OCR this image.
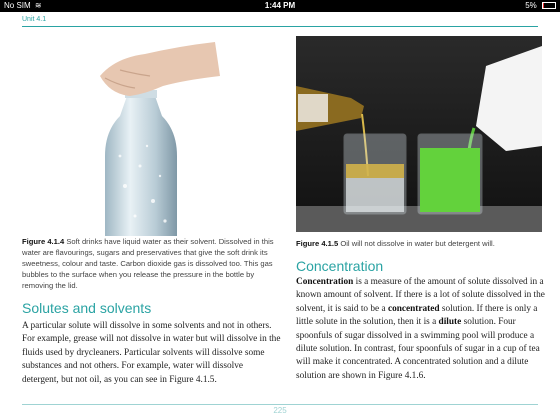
No SIM ≋	1:44 PM	5%
Unit 4.1
Figure 4.1.4 Soft drinks have liquid water as their solvent. Dissolved in this water are flavourings, sugars and preservatives that give the soft drink its sweetness, colour and taste. Carbon dioxide gas is dissolved too. This gas bubbles to the surface when you release the pressure in the bottle by removing the lid.
Figure 4.1.5 Oil will not dissolve in water but detergent will.
Solutes and solvents

A particular solute will dissolve in some solvents and not in others. For example, grease will not dissolve in water but will dissolve in the fluids used by drycleaners. Particular solvents will dissolve some substances and not others. For example, water will dissolve detergent, but not oil, as you can see in Figure 4.1.5.

Concentration

Concentration is a measure of the amount of solute dissolved in a known amount of solvent. If there is a lot of solute dissolved in the solvent, it is said to be a concentrated solution. If there is only a little solute in the solution, then it is a dilute solution. Four spoonfuls of sugar dissolved in a swimming pool will produce a dilute solution. In contrast, four spoonfuls of sugar in a cup of tea will make it concentrated. A concentrated solution and a dilute solution are shown in Figure 4.1.6.

225
